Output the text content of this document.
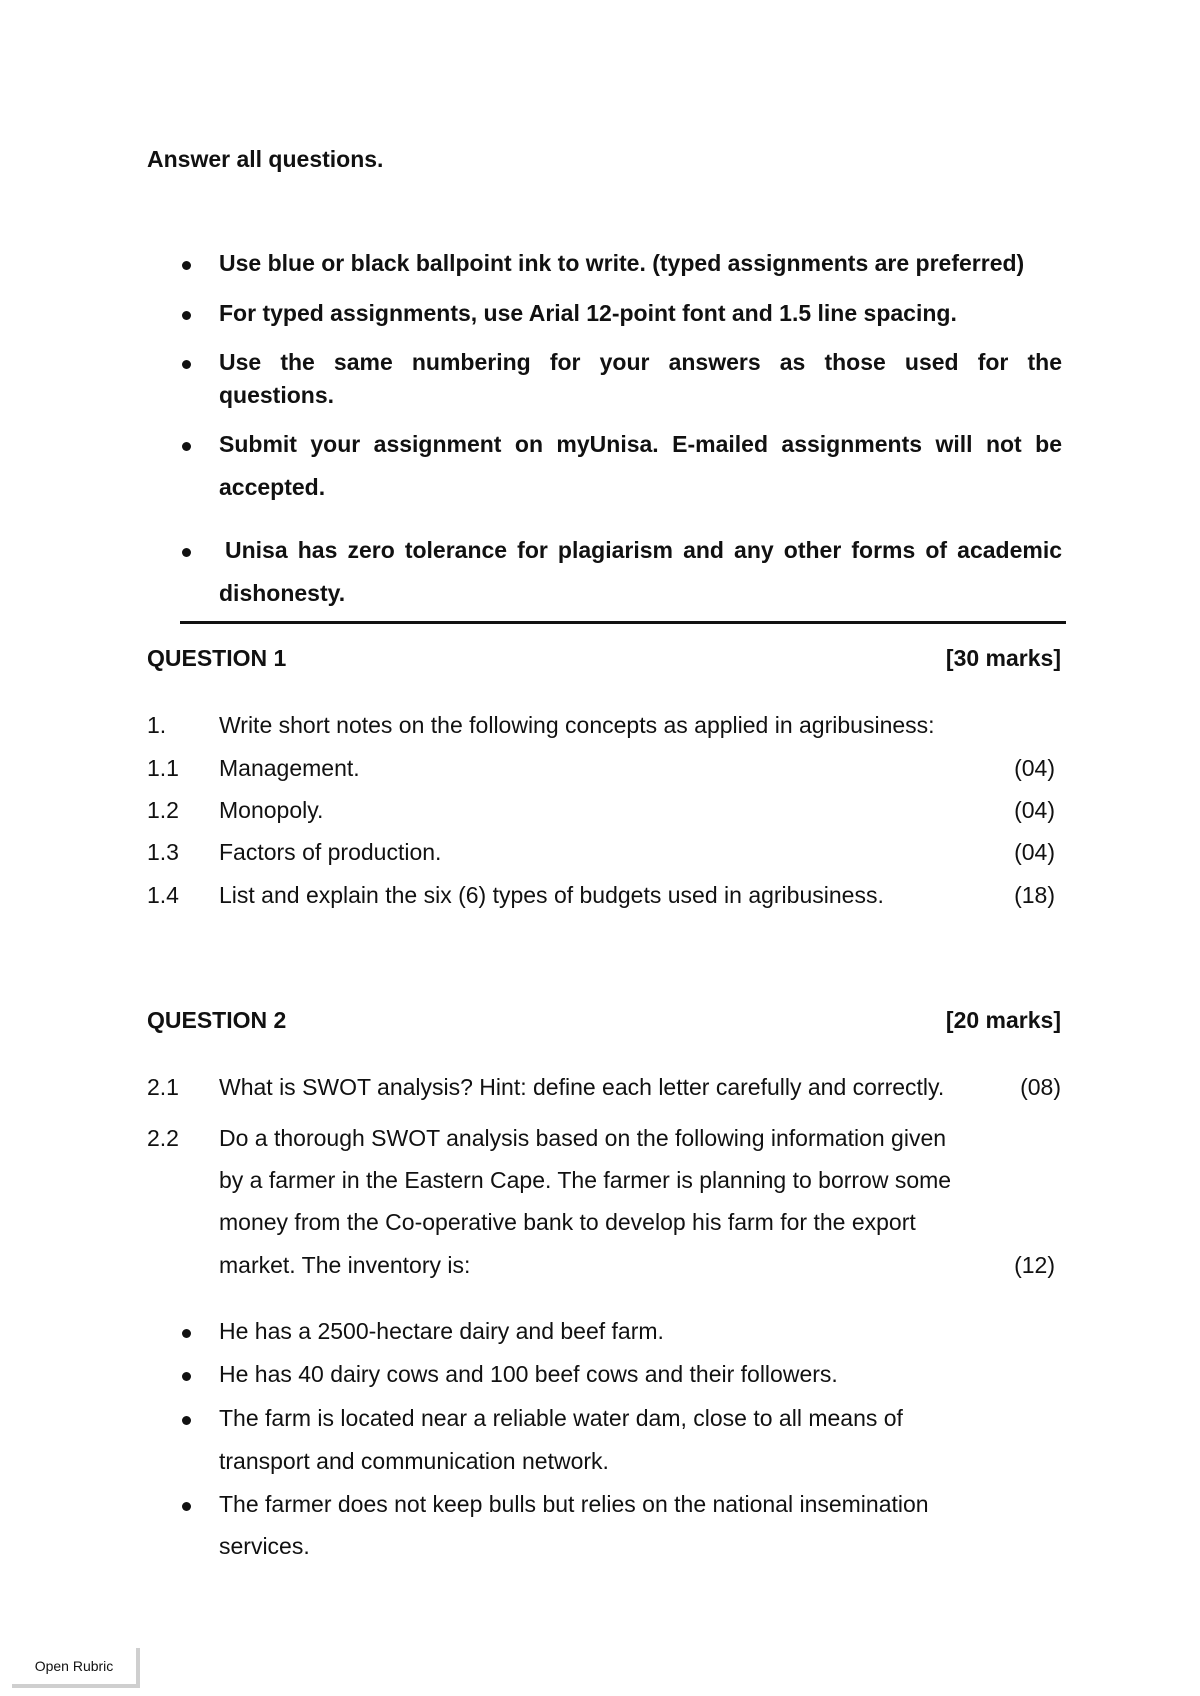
Answer all questions.
Use blue or black ballpoint ink to write. (typed assignments are preferred)
For typed assignments, use Arial 12-point font and 1.5 line spacing.
Use the same numbering for your answers as those used for the
questions.
Submit your assignment on myUnisa. E-mailed assignments will not be
accepted.
Unisa has zero tolerance for plagiarism and any other forms of academic
dishonesty.
QUESTION 1	[30 marks]
1. Write short notes on the following concepts as applied in agribusiness:
1.1 Management.	(04)
1.2 Monopoly.	(04)
1.3 Factors of production.	(04)
1.4 List and explain the six (6) types of budgets used in agribusiness.	(18)
QUESTION 2	[20 marks]
2.1 What is SWOT analysis? Hint: define each letter carefully and correctly.	(08)
2.2 Do a thorough SWOT analysis based on the following information given
by a farmer in the Eastern Cape. The farmer is planning to borrow some
money from the Co-operative bank to develop his farm for the export
market. The inventory is:	(12)
He has a 2500-hectare dairy and beef farm.
He has 40 dairy cows and 100 beef cows and their followers.
The farm is located near a reliable water dam, close to all means of
transport and communication network.
The farmer does not keep bulls but relies on the national insemination
services.
Open Rubric
